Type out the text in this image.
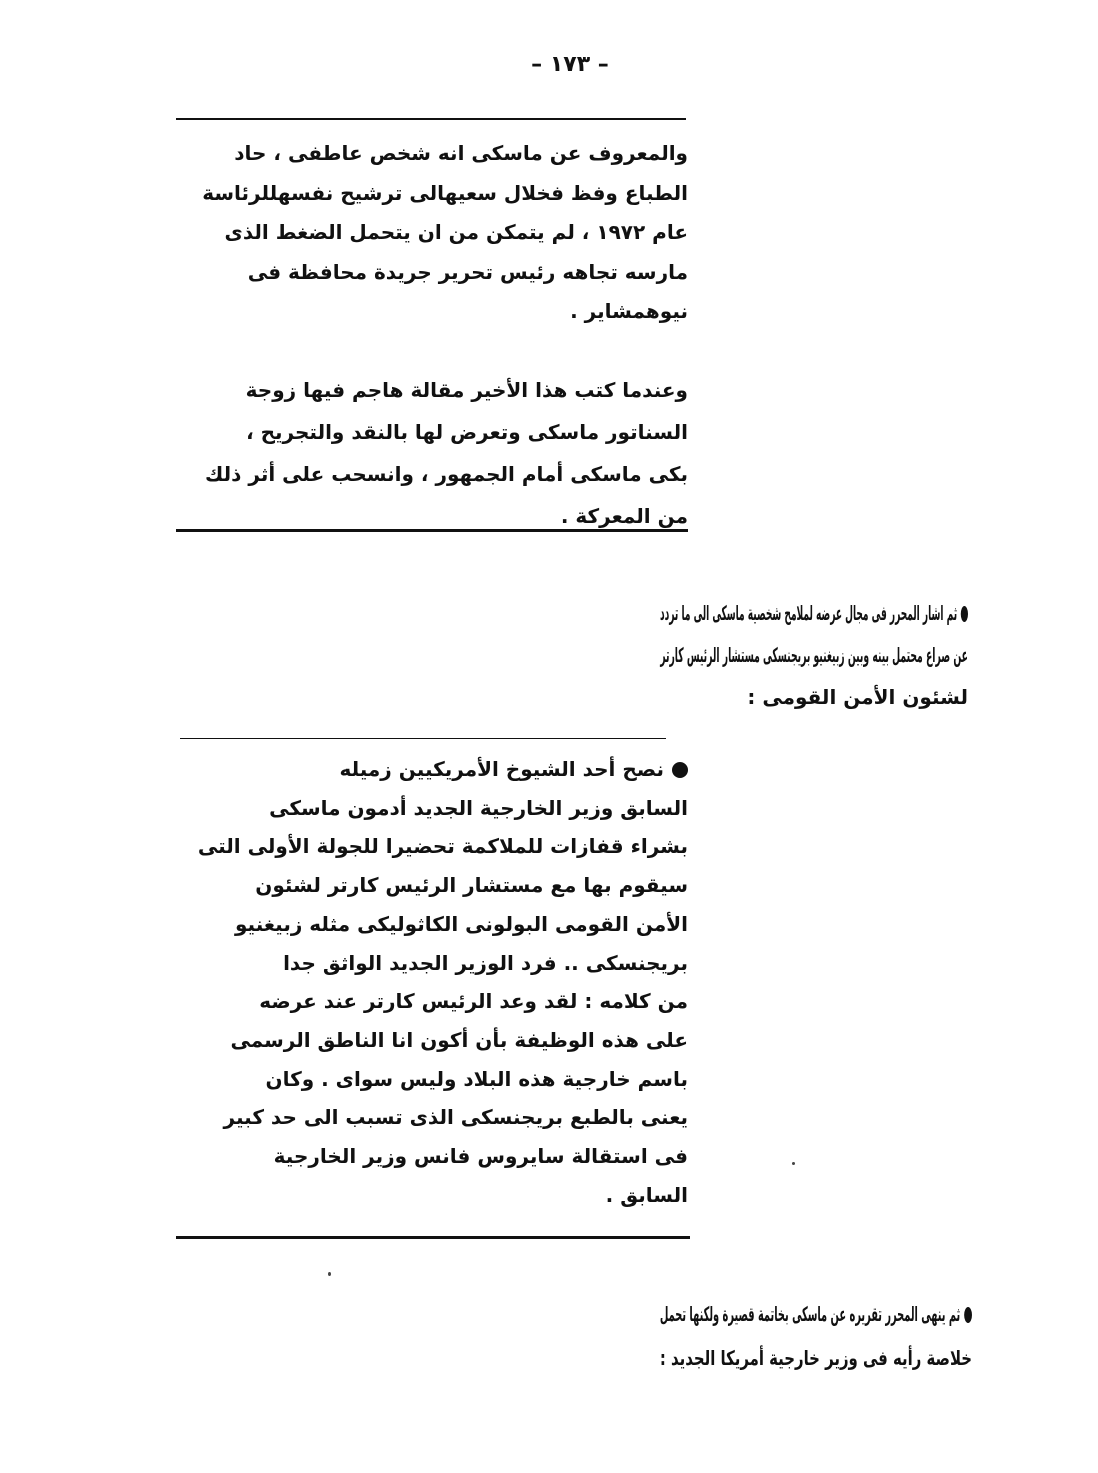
– ١٧٣ –
والمعروف عن ماسكى انه شخص عاطفى ، حاد
الطباع وفظ فخلال سعيهالى ترشيح نفسهللرئاسة
عام ١٩٧٢ ، لم يتمكن من ان يتحمل الضغط الذى
مارسه تجاهه رئيس تحرير جريدة محافظة فى
نيوهمشاير .
وعندما كتب هذا الأخير مقالة هاجم فيها زوجة
السناتور ماسكى وتعرض لها بالنقد والتجريح ،
بكى ماسكى أمام الجمهور ، وانسحب على أثر ذلك
من المعركة .
ثم اشار المحرر فى مجال عرضه لملامح شخصية ماسكى الى ما تردد
عن صراع محتمل بينه وبين زبيغنيو بريجنسكى مستشار الرئيس كارتر
لشئون الأمن القومى :
نصح أحد الشيوخ الأمريكيين زميله
السابق وزير الخارجية الجديد أدمون ماسكى
بشراء قفازات للملاكمة تحضيرا للجولة الأولى التى
سيقوم بها مع مستشار الرئيس كارتر لشئون
الأمن القومى البولونى الكاثوليكى مثله زبيغنيو
بريجنسكى .. فرد الوزير الجديد الواثق جدا
من كلامه : لقد وعد الرئيس كارتر عند عرضه
على هذه الوظيفة بأن أكون انا الناطق الرسمى
باسم خارجية هذه البلاد وليس سواى . وكان
يعنى بالطبع بريجنسكى الذى تسبب الى حد كبير
فى استقالة سايروس فانس وزير الخارجية
السابق .
ثم ينهى المحرر تقريره عن ماسكى بخاتمة قصيرة ولكنها تحمل
خلاصة رأيه فى وزير خارجية أمريكا الجديد :
